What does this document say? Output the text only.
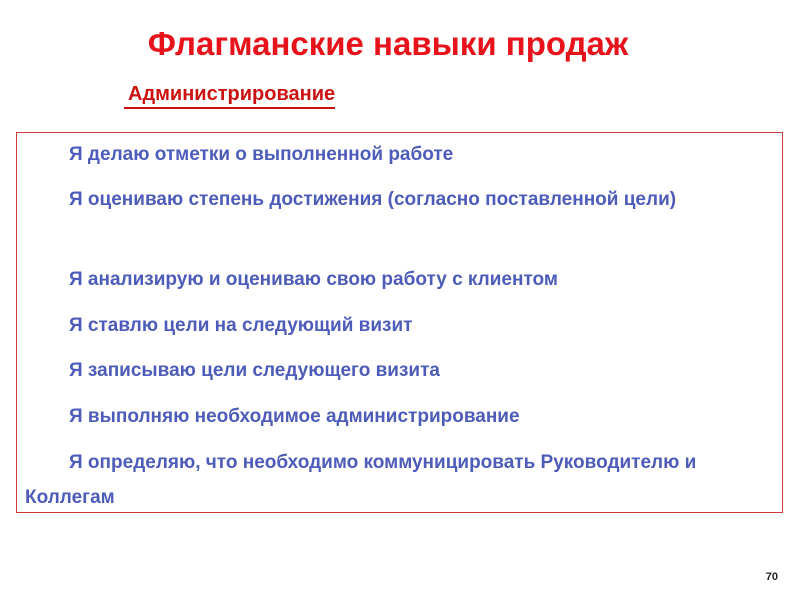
Флагманские навыки продаж
Администрирование
Я делаю отметки о выполненной работе
Я оцениваю степень достижения (согласно поставленной цели)
Я анализирую и оцениваю свою работу с клиентом
Я ставлю цели на следующий визит
Я записываю цели следующего визита
Я выполняю необходимое администрирование
Я определяю, что необходимо коммуницировать Руководителю и Коллегам
70
